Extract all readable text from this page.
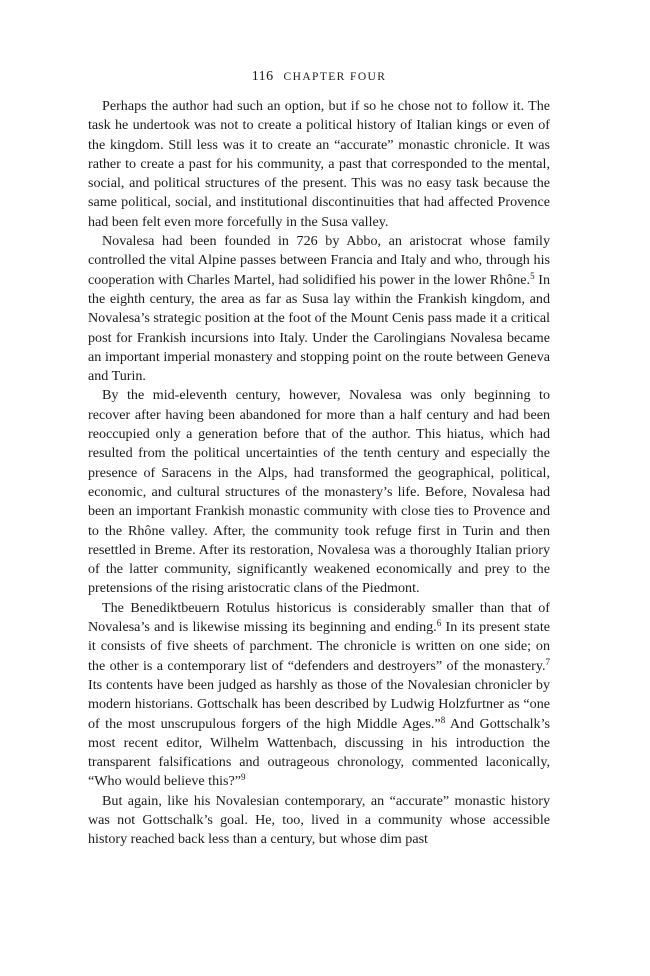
116 CHAPTER FOUR

Perhaps the author had such an option, but if so he chose not to follow it. The task he undertook was not to create a political history of Italian kings or even of the kingdom. Still less was it to create an “accurate” monastic chronicle. It was rather to create a past for his community, a past that corresponded to the mental, social, and political structures of the present. This was no easy task because the same political, social, and institutional discontinuities that had affected Provence had been felt even more forcefully in the Susa valley.

Novalesa had been founded in 726 by Abbo, an aristocrat whose family controlled the vital Alpine passes between Francia and Italy and who, through his cooperation with Charles Martel, had solidified his power in the lower Rhône.$^5$ In the eighth century, the area as far as Susa lay within the Frankish kingdom, and Novalesa’s strategic position at the foot of the Mount Cenis pass made it a critical post for Frankish incursions into Italy. Under the Carolingians Novalesa became an important imperial monastery and stopping point on the route between Geneva and Turin.

By the mid-eleventh century, however, Novalesa was only beginning to recover after having been abandoned for more than a half century and had been reoccupied only a generation before that of the author. This hiatus, which had resulted from the political uncertainties of the tenth century and especially the presence of Saracens in the Alps, had transformed the geographical, political, economic, and cultural structures of the monastery’s life. Before, Novalesa had been an important Frankish monastic community with close ties to Provence and to the Rhône valley. After, the community took refuge first in Turin and then resettled in Breme. After its restoration, Novalesa was a thoroughly Italian priory of the latter community, significantly weakened economically and prey to the pretensions of the rising aristocratic clans of the Piedmont.

The Benediktbeuern Rotulus historicus is considerably smaller than that of Novalesa’s and is likewise missing its beginning and ending.$^6$ In its present state it consists of five sheets of parchment. The chronicle is written on one side; on the other is a contemporary list of “defenders and destroyers” of the monastery.$^7$ Its contents have been judged as harshly as those of the Novalesian chronicler by modern historians. Gottschalk has been described by Ludwig Holzfurtner as “one of the most unscrupulous forgers of the high Middle Ages.”$^8$ And Gottschalk’s most recent editor, Wilhelm Wattenbach, discussing in his introduction the transparent falsifications and outrageous chronology, commented laconically, “Who would believe this?”$^9$

But again, like his Novalesian contemporary, an “accurate” monastic history was not Gottschalk’s goal. He, too, lived in a community whose accessible history reached back less than a century, but whose dim past
